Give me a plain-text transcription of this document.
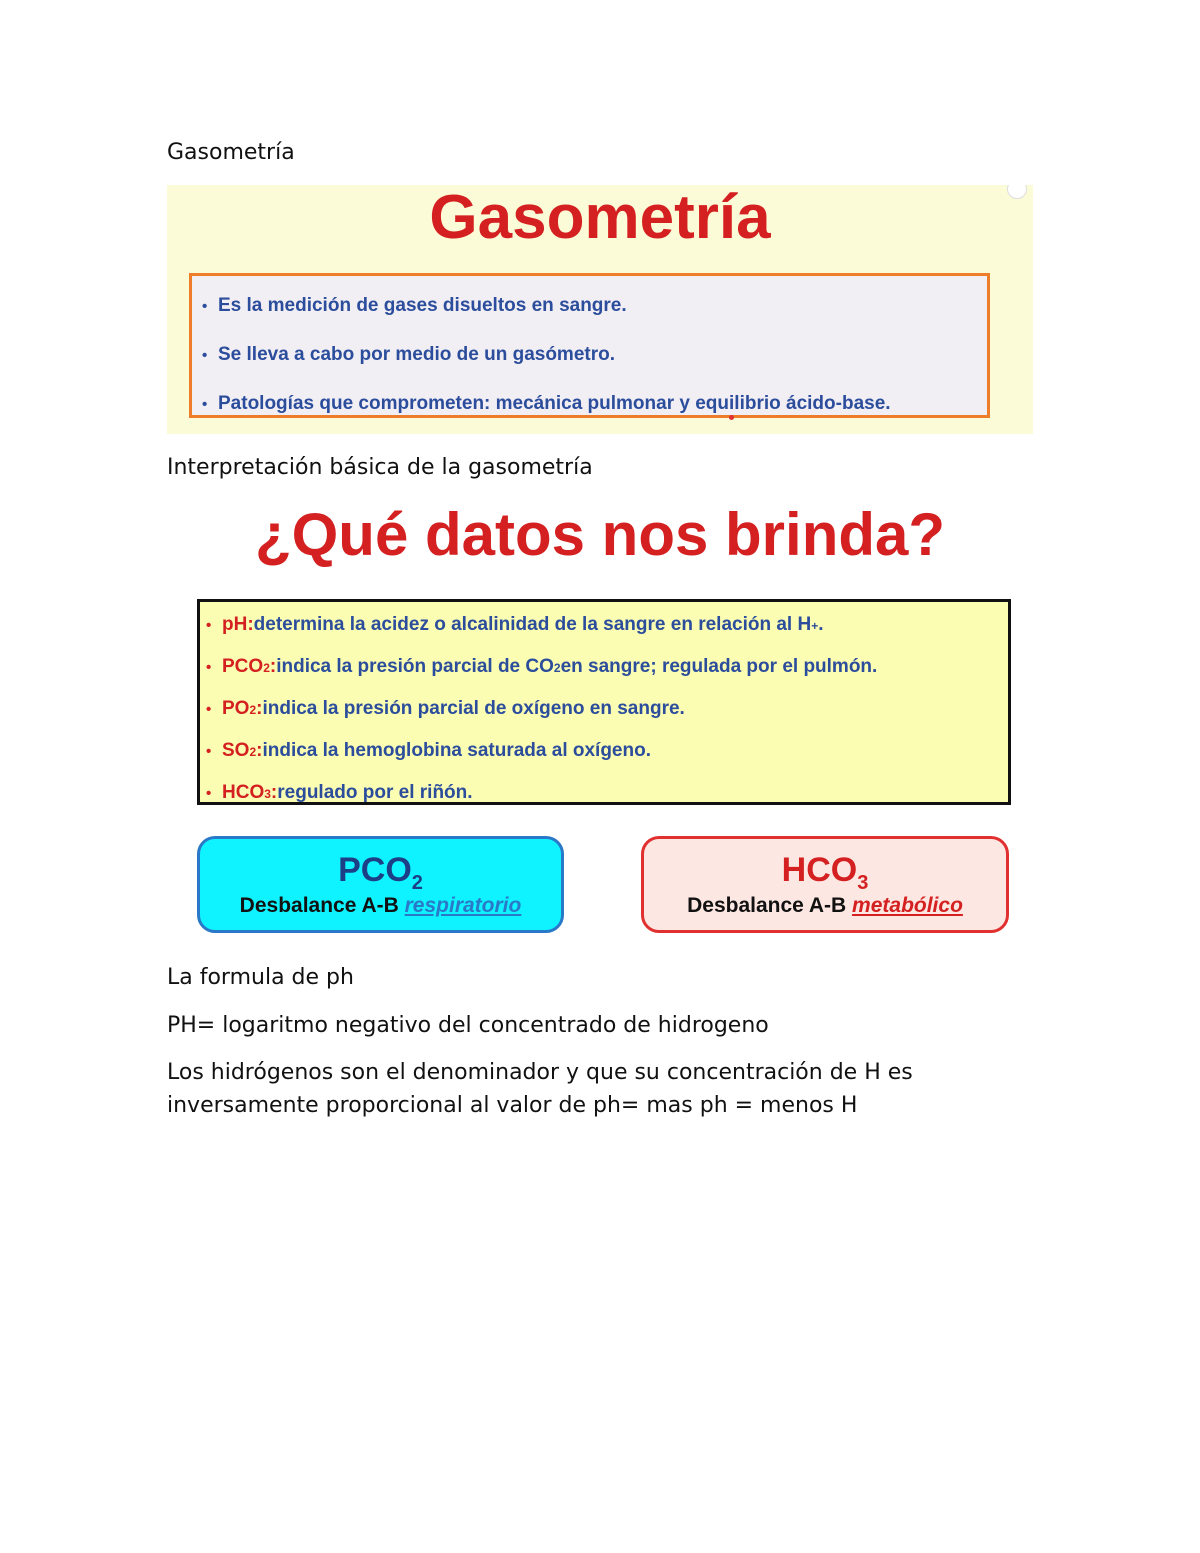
Gasometría

Gasometría
• Es la medición de gases disueltos en sangre.
• Se lleva a cabo por medio de un gasómetro.
• Patologías que comprometen: mecánica pulmonar y equilibrio ácido-base.

Interpretación básica de la gasometría

¿Qué datos nos brinda?
• pH : determina la acidez o alcalinidad de la sangre en relación al H + .
• PCO 2 : indica la presión parcial de CO 2 en sangre; regulada por el pulmón.
• PO 2 : indica la presión parcial de oxígeno en sangre.
• SO 2 : indica la hemoglobina saturada al oxígeno.
• HCO 3 : regulado por el riñón.
$PCO_2$
Desbalance A-B respiratorio
$HCO_3$
Desbalance A-B metabólico

La formula de ph

PH= logaritmo negativo del concentrado de hidrogeno

Los hidrógenos son el denominador y que su concentración de H es

inversamente proporcional al valor de ph= mas ph = menos H
